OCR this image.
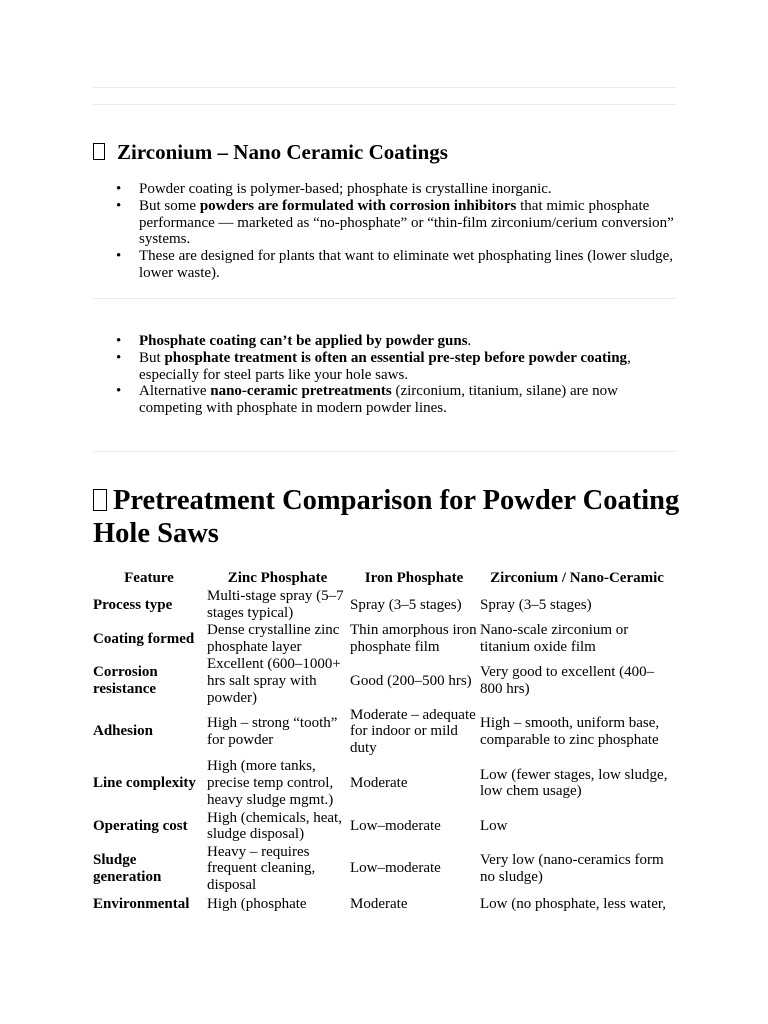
Zirconium – Nano Ceramic Coatings
• Powder coating is polymer-based; phosphate is crystalline inorganic.
• But some powders are formulated with corrosion inhibitors that mimic phosphate performance — marketed as “no-phosphate” or “thin-film zirconium/cerium conversion” systems.
• These are designed for plants that want to eliminate wet phosphating lines (lower sludge, lower waste).
• Phosphate coating can’t be applied by powder guns.
• But phosphate treatment is often an essential pre-step before powder coating, especially for steel parts like your hole saws.
• Alternative nano-ceramic pretreatments (zirconium, titanium, silane) are now competing with phosphate in modern powder lines.
Pretreatment Comparison for Powder Coating Hole Saws
Feature	Zinc Phosphate	Iron Phosphate	Zirconium / Nano-Ceramic
Process type	Multi-stage spray (5–7 stages typical)	Spray (3–5 stages)	Spray (3–5 stages)
Coating formed	Dense crystalline zinc phosphate layer	Thin amorphous iron phosphate film	Nano-scale zirconium or titanium oxide film
Corrosion resistance	Excellent (600–1000+ hrs salt spray with powder)	Good (200–500 hrs)	Very good to excellent (400–800 hrs)
Adhesion	High – strong “tooth” for powder	Moderate – adequate for indoor or mild duty	High – smooth, uniform base, comparable to zinc phosphate
Line complexity	High (more tanks, precise temp control, heavy sludge mgmt.)	Moderate	Low (fewer stages, low sludge, low chem usage)
Operating cost	High (chemicals, heat, sludge disposal)	Low–moderate	Low
Sludge generation	Heavy – requires frequent cleaning, disposal	Low–moderate	Very low (nano-ceramics form no sludge)
Environmental	High (phosphate	Moderate	Low (no phosphate, less water,
